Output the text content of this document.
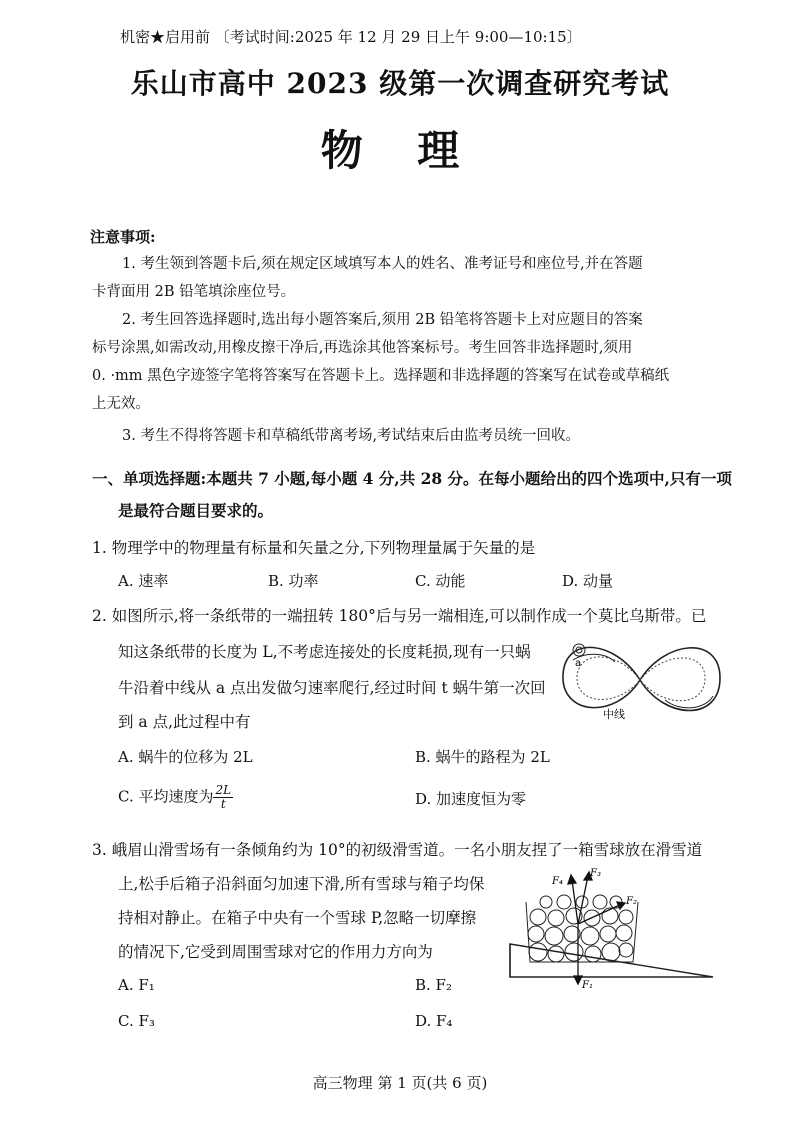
机密★启用前 〔考试时间:2025 年 12 月 29 日上午 9:00—10:15〕
乐山市高中 2023 级第一次调查研究考试
物 理
注意事项:
1. 考生领到答题卡后,须在规定区域填写本人的姓名、准考证号和座位号,并在答题
卡背面用 2B 铅笔填涂座位号。
2. 考生回答选择题时,选出每小题答案后,须用 2B 铅笔将答题卡上对应题目的答案
标号涂黑,如需改动,用橡皮擦干净后,再选涂其他答案标号。考生回答非选择题时,须用
0. ·mm 黑色字迹签字笔将答案写在答题卡上。选择题和非选择题的答案写在试卷或草稿纸
上无效。
3. 考生不得将答题卡和草稿纸带离考场,考试结束后由监考员统一回收。
一、单项选择题:本题共 7 小题,每小题 4 分,共 28 分。在每小题给出的四个选项中,只有一项
是最符合题目要求的。
1. 物理学中的物理量有标量和矢量之分,下列物理量属于矢量的是
A. 速率	B. 功率	C. 动能	D. 动量
2. 如图所示,将一条纸带的一端扭转 180°后与另一端相连,可以制作成一个莫比乌斯带。已
知这条纸带的长度为 L,不考虑连接处的长度耗损,现有一只蜗
牛沿着中线从 a 点出发做匀速率爬行,经过时间 t 蜗牛第一次回
到 a 点,此过程中有
a
中线
A. 蜗牛的位移为 2L	B. 蜗牛的路程为 2L
C. 平均速度为 $\frac{2L}{t}$	D. 加速度恒为零
3. 峨眉山滑雪场有一条倾角约为 10°的初级滑雪道。一名小朋友捏了一箱雪球放在滑雪道
上,松手后箱子沿斜面匀加速下滑,所有雪球与箱子均保
持相对静止。在箱子中央有一个雪球 P,忽略一切摩擦
的情况下,它受到周围雪球对它的作用力方向为
F₁
F₂
F₃
F₄
A. F₁	B. F₂
C. F₃	D. F₄
高三物理 第 1 页(共 6 页)
